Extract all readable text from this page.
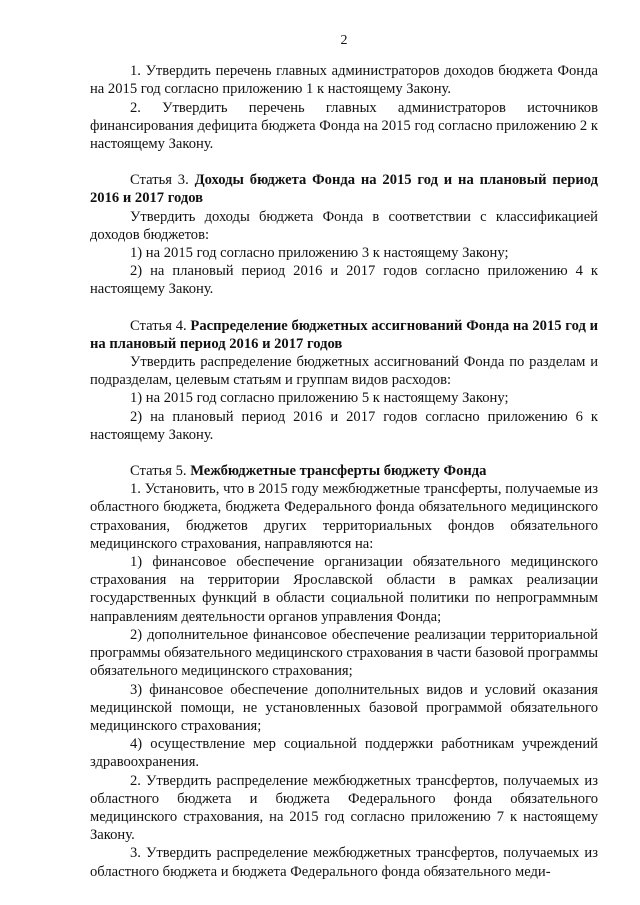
2

1. Утвердить перечень главных администраторов доходов бюджета Фонда на 2015 год согласно приложению 1 к настоящему Закону.

2. Утвердить перечень главных администраторов источников финансирования дефицита бюджета Фонда на 2015 год согласно приложению 2 к настоящему Закону.

Статья 3. Доходы бюджета Фонда на 2015 год и на плановый период 2016 и 2017 годов

Утвердить доходы бюджета Фонда в соответствии с классификацией доходов бюджетов:

1) на 2015 год согласно приложению 3 к настоящему Закону;

2) на плановый период 2016 и 2017 годов согласно приложению 4 к настоящему Закону.

Статья 4. Распределение бюджетных ассигнований Фонда на 2015 год и на плановый период 2016 и 2017 годов

Утвердить распределение бюджетных ассигнований Фонда по разделам и подразделам, целевым статьям и группам видов расходов:

1) на 2015 год согласно приложению 5 к настоящему Закону;

2) на плановый период 2016 и 2017 годов согласно приложению 6 к настоящему Закону.

Статья 5. Межбюджетные трансферты бюджету Фонда

1. Установить, что в 2015 году межбюджетные трансферты, получаемые из областного бюджета, бюджета Федерального фонда обязательного медицинского страхования, бюджетов других территориальных фондов обязательного медицинского страхования, направляются на:

1) финансовое обеспечение организации обязательного медицинского страхования на территории Ярославской области в рамках реализации государственных функций в области социальной политики по непрограммным направлениям деятельности органов управления Фонда;

2) дополнительное финансовое обеспечение реализации территориальной программы обязательного медицинского страхования в части базовой программы обязательного медицинского страхования;

3) финансовое обеспечение дополнительных видов и условий оказания медицинской помощи, не установленных базовой программой обязательного медицинского страхования;

4) осуществление мер социальной поддержки работникам учреждений здравоохранения.

2. Утвердить распределение межбюджетных трансфертов, получаемых из областного бюджета и бюджета Федерального фонда обязательного медицинского страхования, на 2015 год согласно приложению 7 к настоящему Закону.

3. Утвердить распределение межбюджетных трансфертов, получаемых из областного бюджета и бюджета Федерального фонда обязательного меди-
